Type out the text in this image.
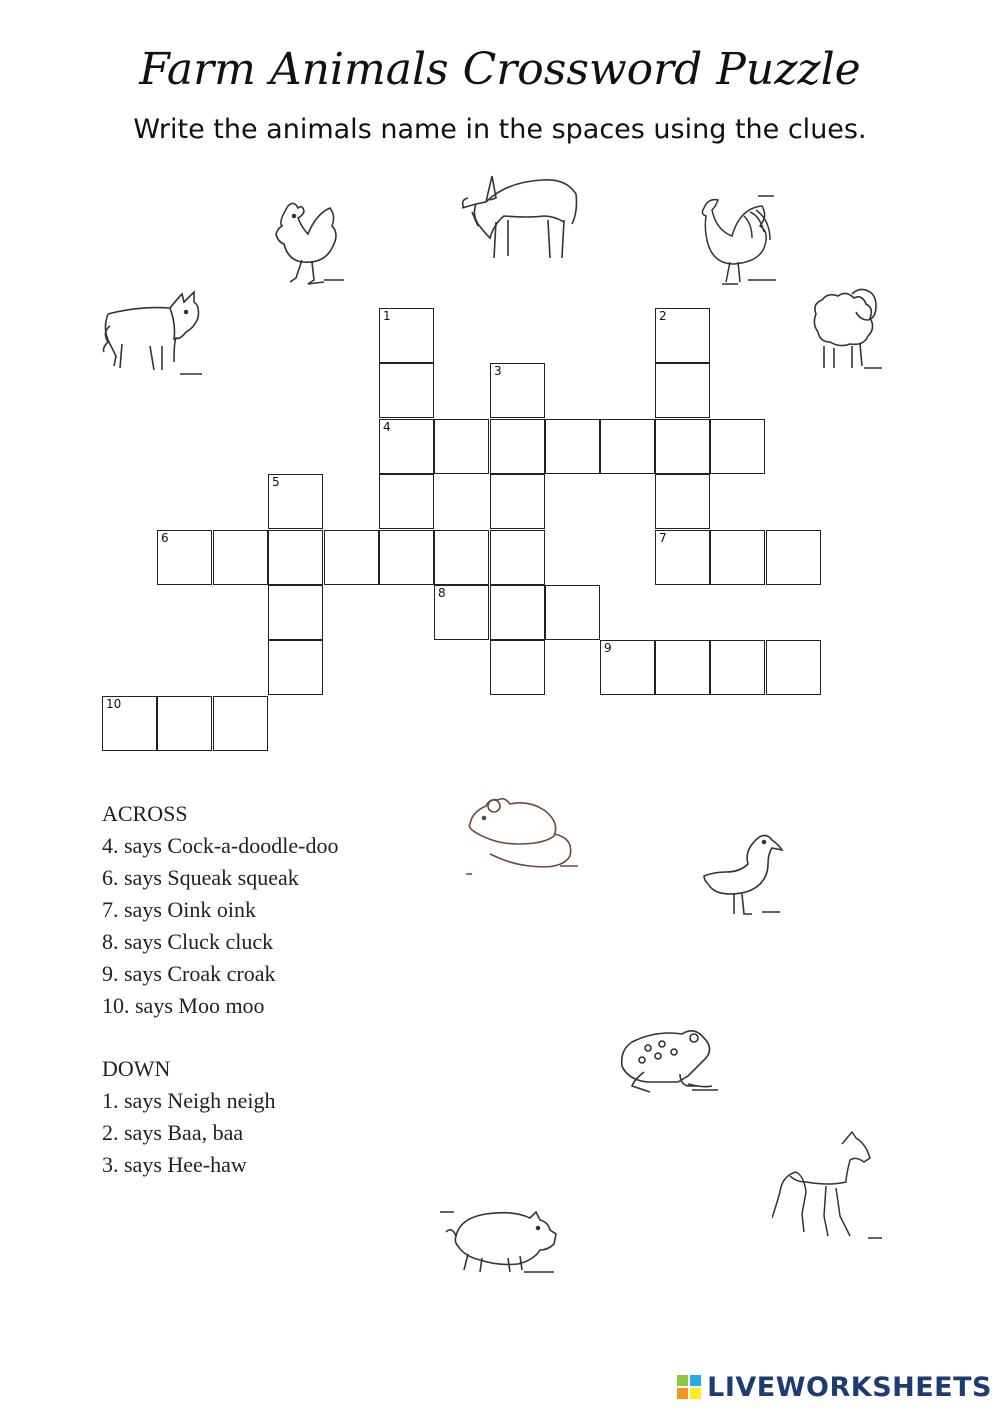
Farm Animals Crossword Puzzle
Write the animals name in the spaces using the clues.
1
4
2
7
3
5
6
8
9
10
ACROSS
4. says Cock-a-doodle-doo
6. says Squeak squeak
7. says Oink oink
8. says Cluck cluck
9. says Croak croak
10. says Moo moo
DOWN
1. says Neigh neigh
2. says Baa, baa
3. says Hee-haw
LIVEWORKSHEETS
